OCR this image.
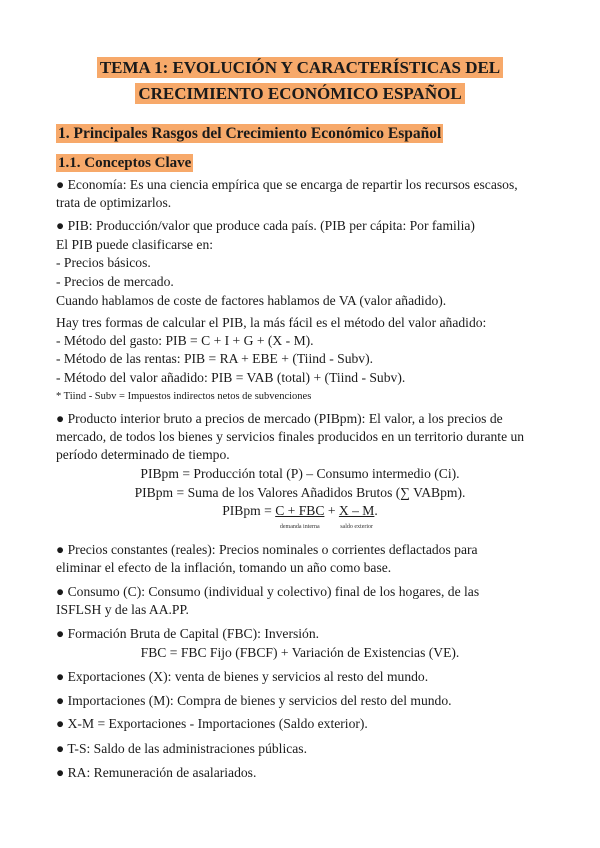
TEMA 1: EVOLUCIÓN Y CARACTERÍSTICAS DEL
CRECIMIENTO ECONÓMICO ESPAÑOL
1. Principales Rasgos del Crecimiento Económico Español
1.1. Conceptos Clave
● Economía: Es una ciencia empírica que se encarga de repartir los recursos escasos,
trata de optimizarlos.
● PIB: Producción/valor que produce cada país. (PIB per cápita: Por familia)
El PIB puede clasificarse en:
- Precios básicos.
- Precios de mercado.
Cuando hablamos de coste de factores hablamos de VA (valor añadido).
Hay tres formas de calcular el PIB, la más fácil es el método del valor añadido:
- Método del gasto: PIB = C + I + G + (X - M).
- Método de las rentas: PIB = RA + EBE + (Tiind - Subv).
- Método del valor añadido: PIB = VAB (total) + (Tiind - Subv).
* Tiind - Subv = Impuestos indirectos netos de subvenciones
● Producto interior bruto a precios de mercado (PIBpm): El valor, a los precios de
mercado, de todos los bienes y servicios finales producidos en un territorio durante un
período determinado de tiempo.
PIBpm = Producción total (P) – Consumo intermedio (Ci).
PIBpm = Suma de los Valores Añadidos Brutos (∑ VABpm).
PIBpm = C + FBC
demanda interna
+ X – M
saldo exterior
.
● Precios constantes (reales): Precios nominales o corrientes deflactados para
eliminar el efecto de la inflación, tomando un año como base.
● Consumo (C): Consumo (individual y colectivo) final de los hogares, de las
ISFLSH y de las AA.PP.
● Formación Bruta de Capital (FBC): Inversión.
FBC = FBC Fijo (FBCF) + Variación de Existencias (VE).
● Exportaciones (X): venta de bienes y servicios al resto del mundo.
● Importaciones (M): Compra de bienes y servicios del resto del mundo.
● X-M = Exportaciones - Importaciones (Saldo exterior).
● T-S: Saldo de las administraciones públicas.
● RA: Remuneración de asalariados.
